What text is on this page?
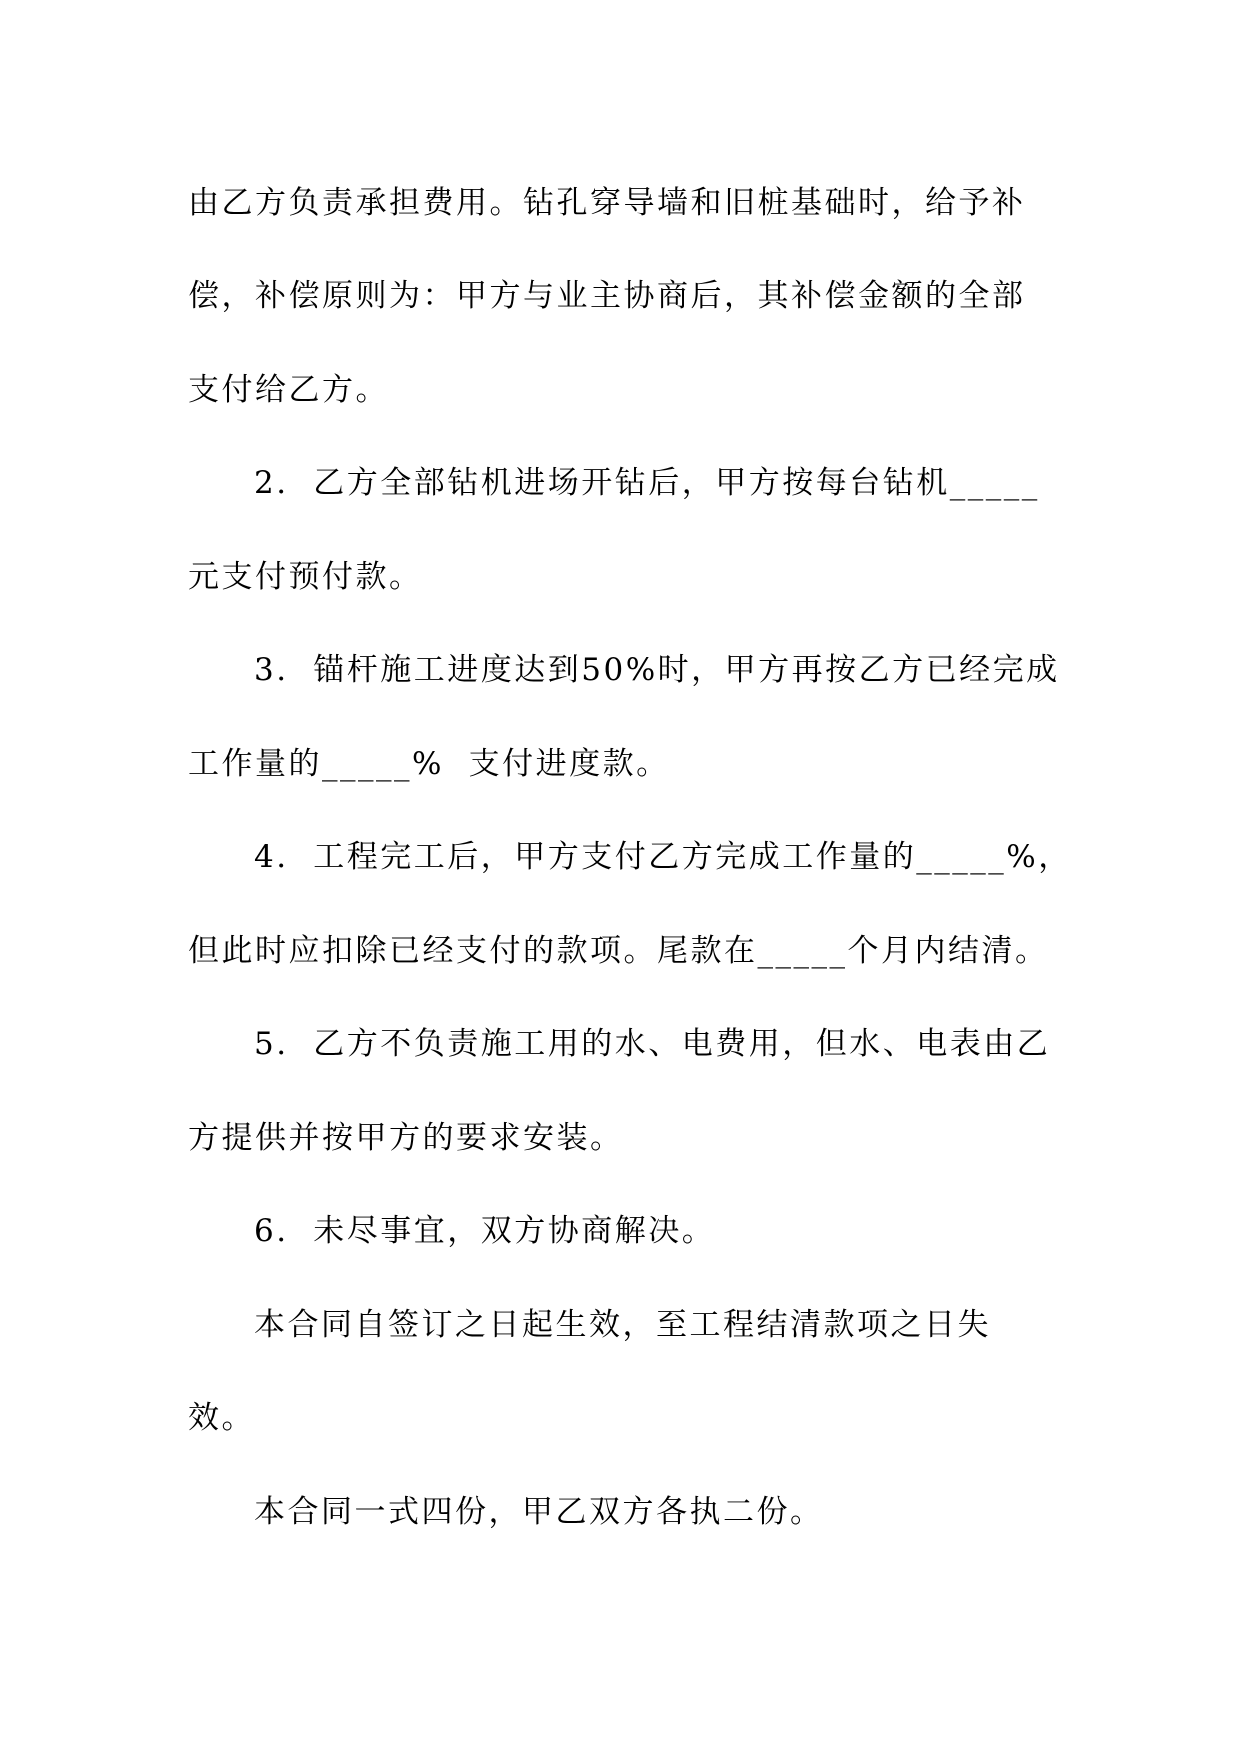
由乙方负责承担费用。钻孔穿导墙和旧桩基础时，给予补

偿，补偿原则为：甲方与业主协商后，其补偿金额的全部

支付给乙方。

2.  乙方全部钻机进场开钻后，甲方按每台钻机_____

元支付预付款。

3.  锚杆施工进度达到50%时，甲方再按乙方已经完成

工作量的_____%  支付进度款。

4.  工程完工后，甲方支付乙方完成工作量的_____%，

但此时应扣除已经支付的款项。尾款在_____个月内结清。

5.  乙方不负责施工用的水、电费用，但水、电表由乙

方提供并按甲方的要求安装。

6.  未尽事宜，双方协商解决。

本合同自签订之日起生效，至工程结清款项之日失

效。

本合同一式四份，甲乙双方各执二份。
